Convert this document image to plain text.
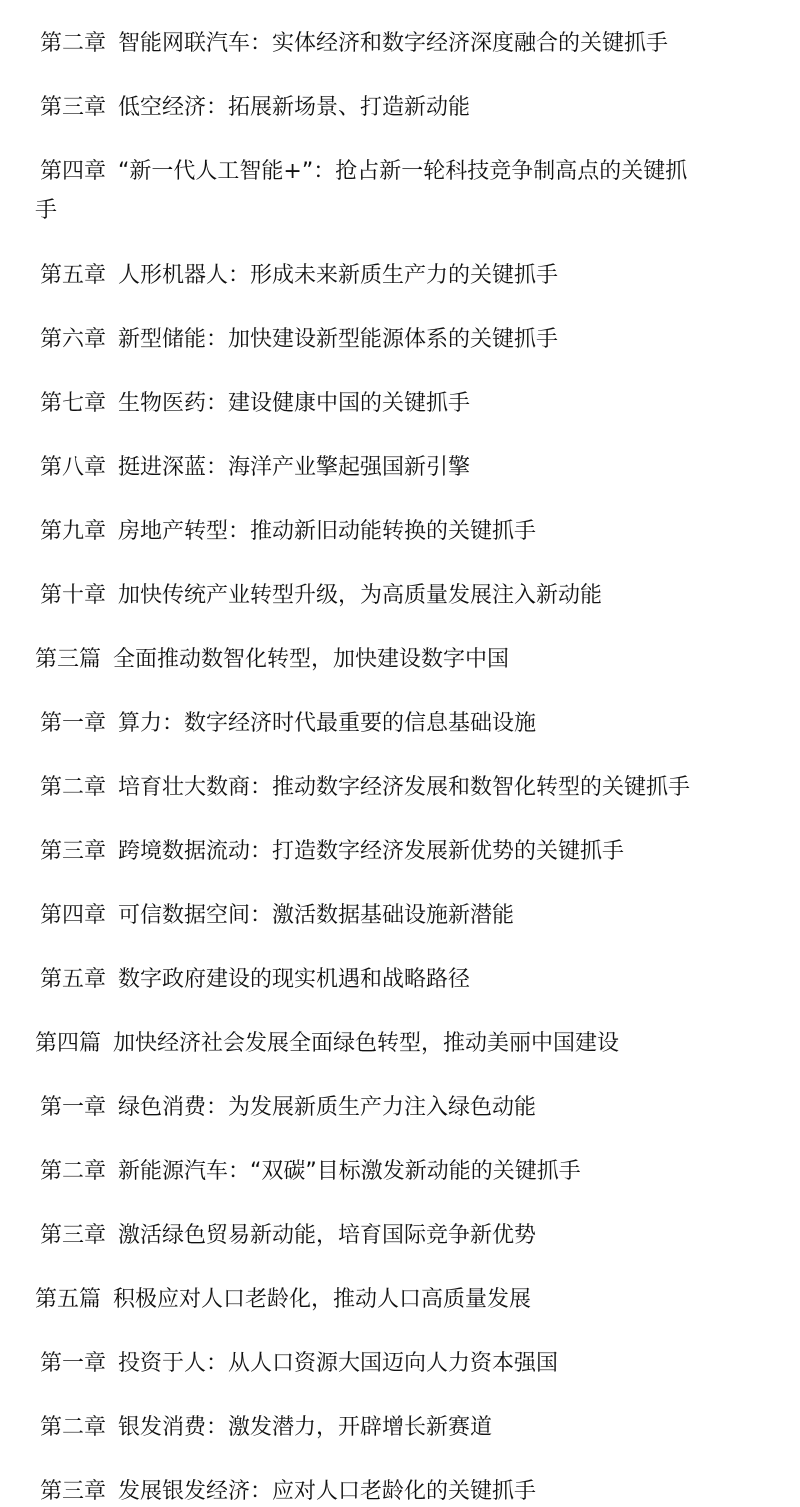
第二章 智能网联汽车：实体经济和数字经济深度融合的关键抓手
第三章 低空经济：拓展新场景、打造新动能
第四章 “新一代人工智能+”：抢占新一轮科技竞争制高点的关键抓
手
第五章 人形机器人：形成未来新质生产力的关键抓手
第六章 新型储能：加快建设新型能源体系的关键抓手
第七章 生物医药：建设健康中国的关键抓手
第八章 挺进深蓝：海洋产业擎起强国新引擎
第九章 房地产转型：推动新旧动能转换的关键抓手
第十章 加快传统产业转型升级，为高质量发展注入新动能
第三篇 全面推动数智化转型，加快建设数字中国
第一章 算力：数字经济时代最重要的信息基础设施
第二章 培育壮大数商：推动数字经济发展和数智化转型的关键抓手
第三章 跨境数据流动：打造数字经济发展新优势的关键抓手
第四章 可信数据空间：激活数据基础设施新潜能
第五章 数字政府建设的现实机遇和战略路径
第四篇 加快经济社会发展全面绿色转型，推动美丽中国建设
第一章 绿色消费：为发展新质生产力注入绿色动能
第二章 新能源汽车：“双碳”目标激发新动能的关键抓手
第三章 激活绿色贸易新动能，培育国际竞争新优势
第五篇 积极应对人口老龄化，推动人口高质量发展
第一章 投资于人：从人口资源大国迈向人力资本强国
第二章 银发消费：激发潜力，开辟增长新赛道
第三章 发展银发经济：应对人口老龄化的关键抓手
